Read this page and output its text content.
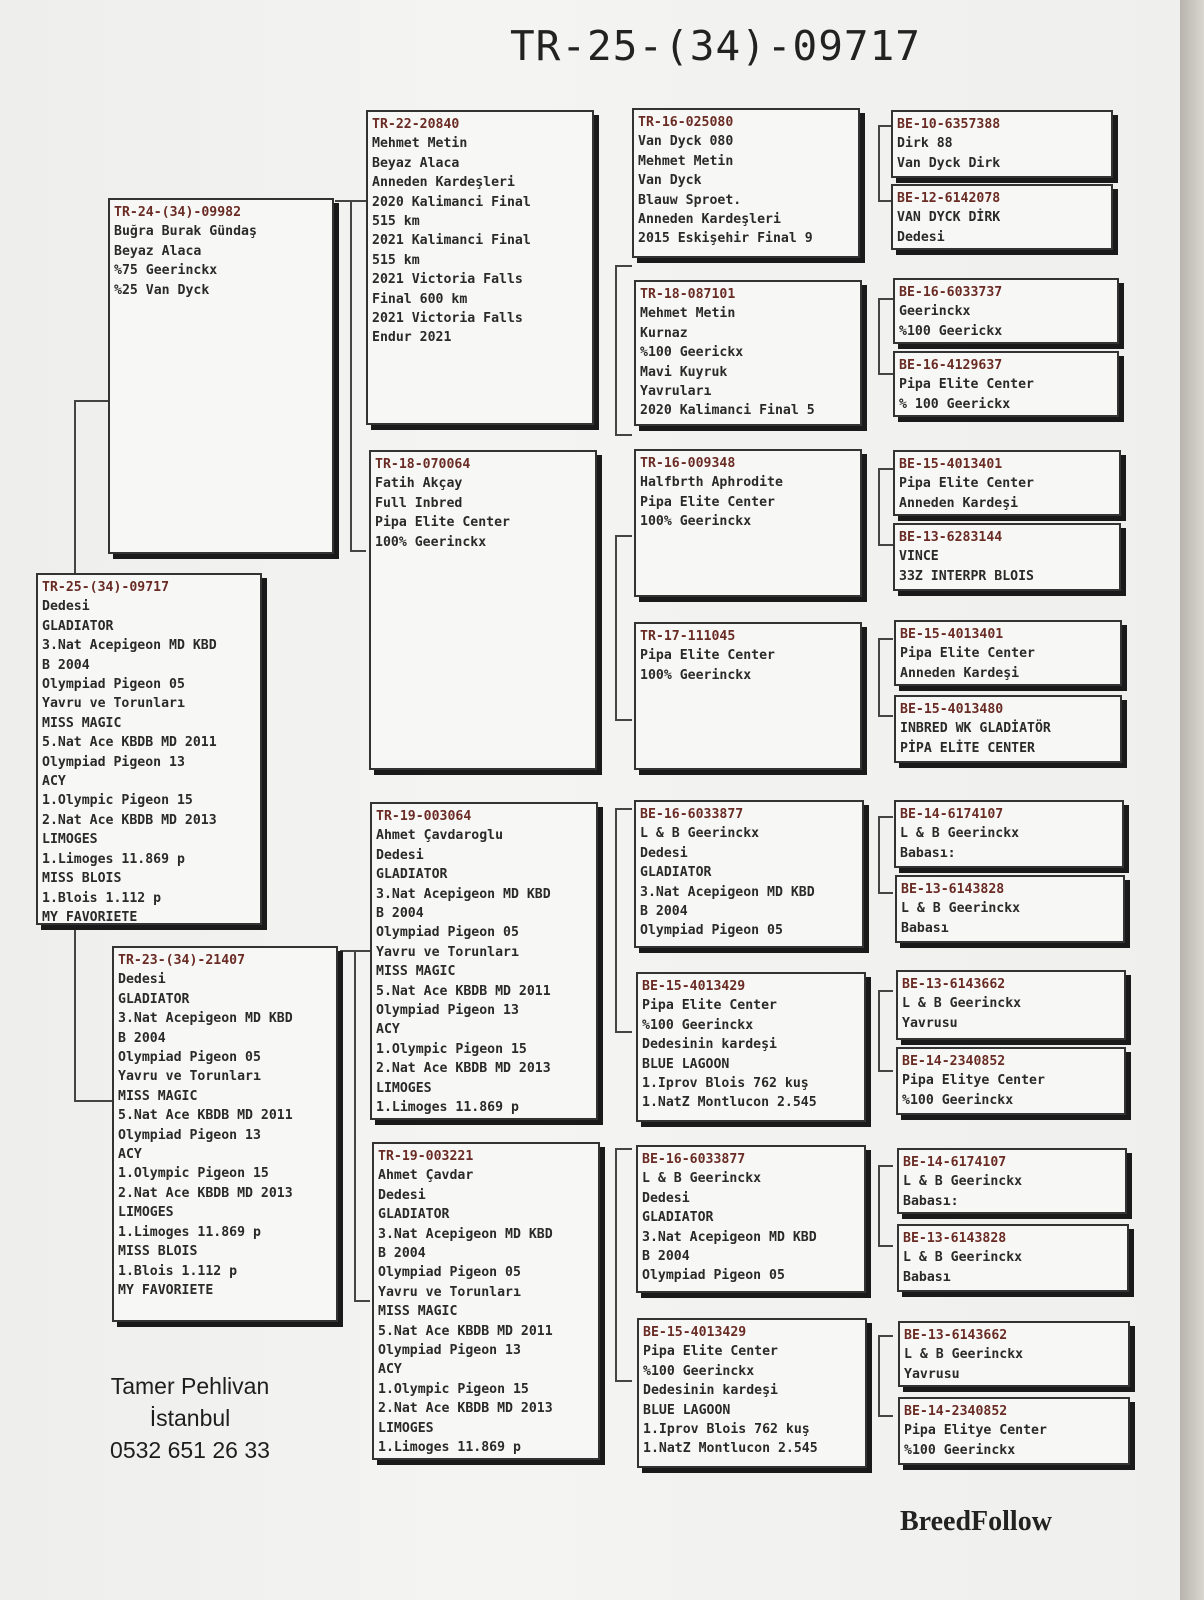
TR-25-(34)-09717
TR-25-(34)-09717
Dedesi
GLADIATOR
3.Nat Acepigeon MD KBD
B 2004
Olympiad Pigeon 05
Yavru ve Torunları
MISS MAGIC
5.Nat Ace KBDB MD 2011
Olympiad Pigeon 13
ACY
1.Olympic Pigeon 15
2.Nat Ace KBDB MD 2013
LIMOGES
1.Limoges 11.869 p
MISS BLOIS
1.Blois 1.112 p
MY FAVORIETE
TR-24-(34)-09982
Buğra Burak Gündaş
Beyaz Alaca
%75 Geerinckx
%25 Van Dyck
TR-23-(34)-21407
Dedesi
GLADIATOR
3.Nat Acepigeon MD KBD
B 2004
Olympiad Pigeon 05
Yavru ve Torunları
MISS MAGIC
5.Nat Ace KBDB MD 2011
Olympiad Pigeon 13
ACY
1.Olympic Pigeon 15
2.Nat Ace KBDB MD 2013
LIMOGES
1.Limoges 11.869 p
MISS BLOIS
1.Blois 1.112 p
MY FAVORIETE
TR-22-20840
Mehmet Metin
Beyaz Alaca
Anneden Kardeşleri
2020 Kalimanci Final
515 km
2021 Kalimanci Final
515 km
2021 Victoria Falls
Final 600 km
2021 Victoria Falls
Endur 2021
TR-18-070064
Fatih Akçay
Full Inbred
Pipa Elite Center
100% Geerinckx
TR-19-003064
Ahmet Çavdaroglu
Dedesi
GLADIATOR
3.Nat Acepigeon MD KBD
B 2004
Olympiad Pigeon 05
Yavru ve Torunları
MISS MAGIC
5.Nat Ace KBDB MD 2011
Olympiad Pigeon 13
ACY
1.Olympic Pigeon 15
2.Nat Ace KBDB MD 2013
LIMOGES
1.Limoges 11.869 p
TR-19-003221
Ahmet Çavdar
Dedesi
GLADIATOR
3.Nat Acepigeon MD KBD
B 2004
Olympiad Pigeon 05
Yavru ve Torunları
MISS MAGIC
5.Nat Ace KBDB MD 2011
Olympiad Pigeon 13
ACY
1.Olympic Pigeon 15
2.Nat Ace KBDB MD 2013
LIMOGES
1.Limoges 11.869 p
TR-16-025080
Van Dyck 080
Mehmet Metin
Van Dyck
Blauw Sproet.
Anneden Kardeşleri
2015 Eskişehir Final 9
TR-18-087101
Mehmet Metin
Kurnaz
%100 Geerickx
Mavi Kuyruk
Yavruları
2020 Kalimanci Final 5
TR-16-009348
Halfbrth Aphrodite
Pipa Elite Center
100% Geerinckx
TR-17-111045
Pipa Elite Center
100% Geerinckx
BE-16-6033877
L & B Geerinckx
Dedesi
GLADIATOR
3.Nat Acepigeon MD KBD
B 2004
Olympiad Pigeon 05
BE-15-4013429
Pipa Elite Center
%100 Geerinckx
Dedesinin kardeşi
BLUE LAGOON
1.Iprov Blois 762 kuş
1.NatZ Montlucon 2.545
BE-16-6033877
L & B Geerinckx
Dedesi
GLADIATOR
3.Nat Acepigeon MD KBD
B 2004
Olympiad Pigeon 05
BE-15-4013429
Pipa Elite Center
%100 Geerinckx
Dedesinin kardeşi
BLUE LAGOON
1.Iprov Blois 762 kuş
1.NatZ Montlucon 2.545
BE-10-6357388
Dirk 88
Van Dyck Dirk
BE-12-6142078
VAN DYCK DİRK
Dedesi
BE-16-6033737
Geerinckx
%100 Geerickx
BE-16-4129637
Pipa Elite Center
% 100 Geerickx
BE-15-4013401
Pipa Elite Center
Anneden Kardeşi
BE-13-6283144
VINCE
33Z INTERPR BLOIS
BE-15-4013401
Pipa Elite Center
Anneden Kardeşi
BE-15-4013480
INBRED WK GLADİATÖR
PİPA ELİTE CENTER
BE-14-6174107
L & B Geerinckx
Babası:
BE-13-6143828
L & B Geerinckx
Babası
BE-13-6143662
L & B Geerinckx
Yavrusu
BE-14-2340852
Pipa Elitye Center
%100 Geerinckx
BE-14-6174107
L & B Geerinckx
Babası:
BE-13-6143828
L & B Geerinckx
Babası
BE-13-6143662
L & B Geerinckx
Yavrusu
BE-14-2340852
Pipa Elitye Center
%100 Geerinckx
Tamer Pehlivan
İstanbul
0532 651 26 33
BreedFollow
